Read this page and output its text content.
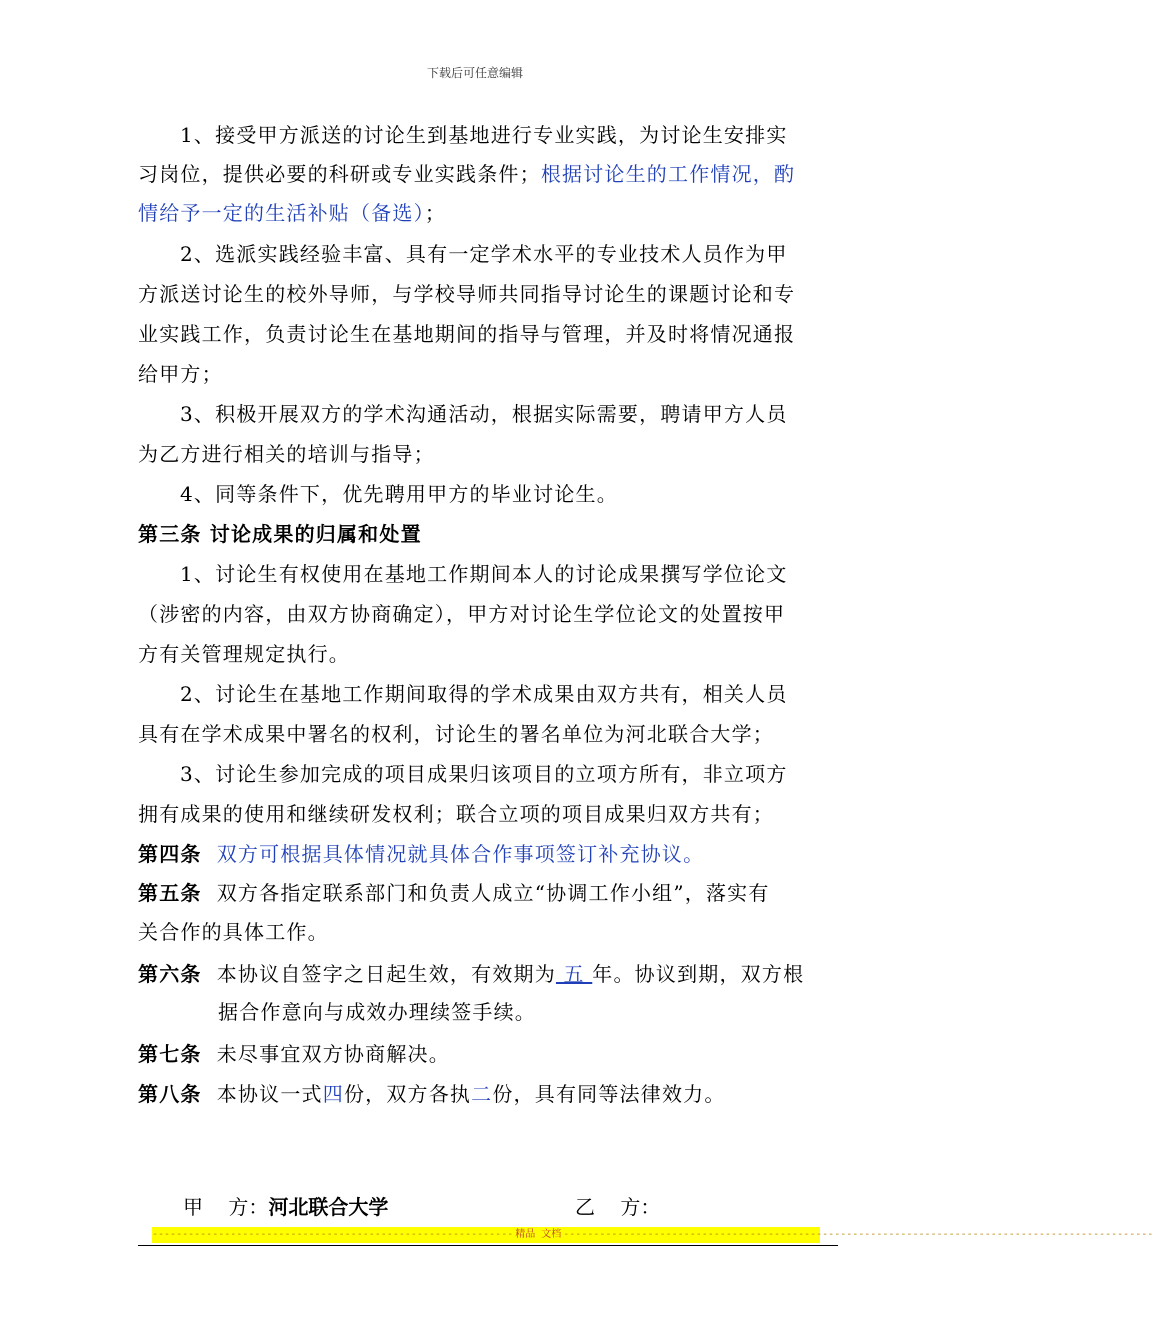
下载后可任意编辑
1、接受甲方派送的讨论生到基地进行专业实践，为讨论生安排实
习岗位，提供必要的科研或专业实践条件；根据讨论生的工作情况，酌
情给予一定的生活补贴（备选）；
2、选派实践经验丰富、具有一定学术水平的专业技术人员作为甲
方派送讨论生的校外导师，与学校导师共同指导讨论生的课题讨论和专
业实践工作，负责讨论生在基地期间的指导与管理，并及时将情况通报
给甲方；
3、积极开展双方的学术沟通活动，根据实际需要，聘请甲方人员
为乙方进行相关的培训与指导；
4、同等条件下，优先聘用甲方的毕业讨论生。
第三条 讨论成果的归属和处置
1、讨论生有权使用在基地工作期间本人的讨论成果撰写学位论文
（涉密的内容，由双方协商确定），甲方对讨论生学位论文的处置按甲
方有关管理规定执行。
2、讨论生在基地工作期间取得的学术成果由双方共有，相关人员
具有在学术成果中署名的权利，讨论生的署名单位为河北联合大学；
3、讨论生参加完成的项目成果归该项目的立项方所有，非立项方
拥有成果的使用和继续研发权利；联合立项的项目成果归双方共有；
第四条 双方可根据具体情况就具体合作事项签订补充协议。
第五条 双方各指定联系部门和负责人成立“协调工作小组”，落实有
关合作的具体工作。
第六条 本协议自签字之日起生效，有效期为 五 年。协议到期，双方根
据合作意向与成效办理续签手续。
第七条 未尽事宜双方协商解决。
第八条 本协议一式四份，双方各执二份，具有同等法律效力。
甲    方：河北联合大学	乙    方：
------------------------------------------------------------ 精品 文档 --------------------------------------------------------------------------------------------------
